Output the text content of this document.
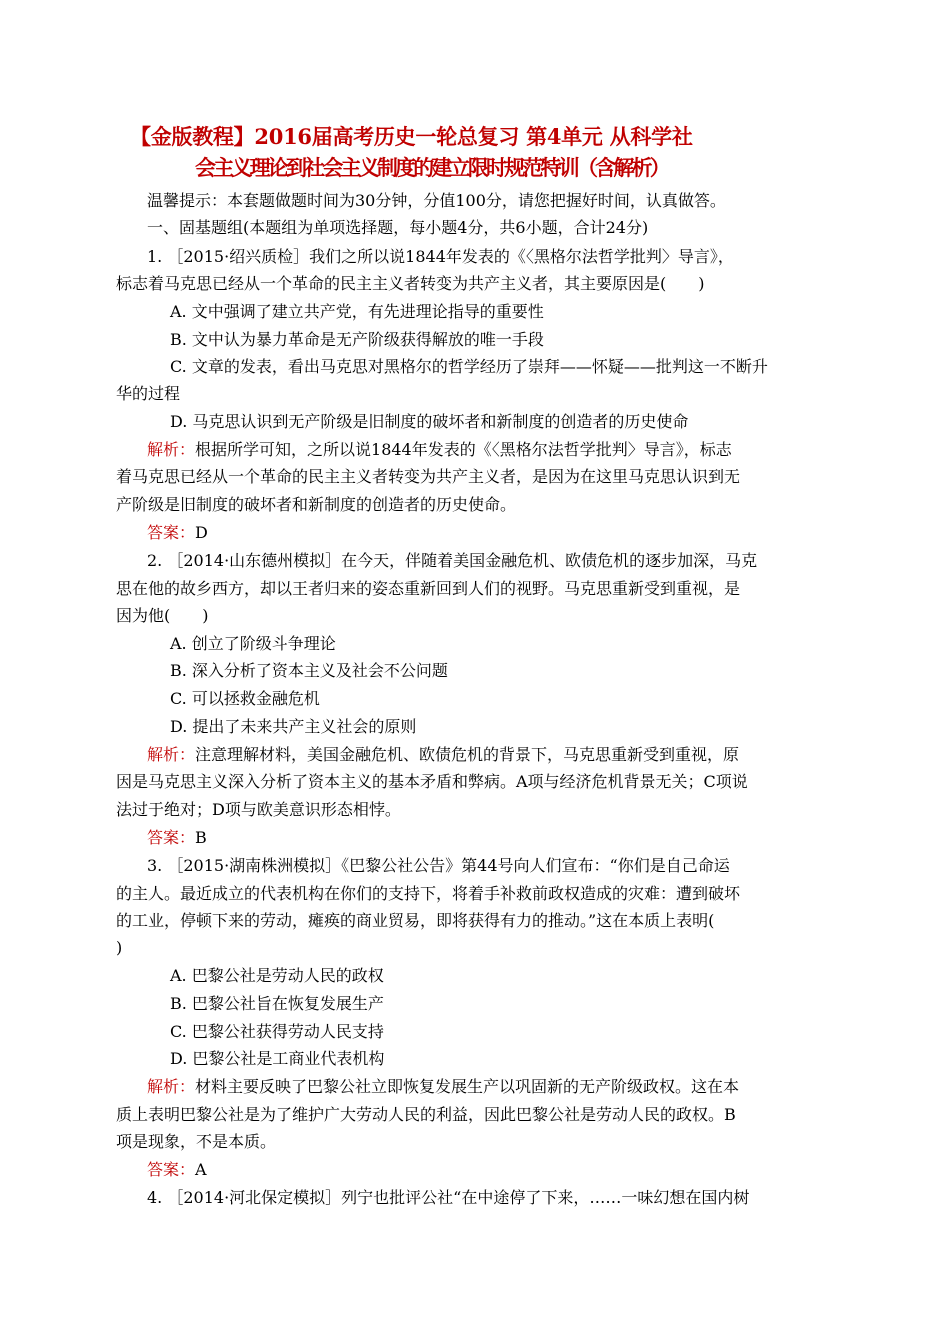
【金版教程】2016届高考历史一轮总复习 第4单元 从科学社
会主义理论到社会主义制度的建立限时规范特训（含解析）
温馨提示：本套题做题时间为30分钟，分值100分，请您把握好时间，认真做答。
一、固基题组(本题组为单项选择题，每小题4分，共6小题，合计24分)
1. ［2015·绍兴质检］我们之所以说1844年发表的《〈黑格尔法哲学批判〉导言》，
标志着马克思已经从一个革命的民主主义者转变为共产主义者，其主要原因是(　　)
A. 文中强调了建立共产党，有先进理论指导的重要性
B. 文中认为暴力革命是无产阶级获得解放的唯一手段
C. 文章的发表，看出马克思对黑格尔的哲学经历了崇拜——怀疑——批判这一不断升
华的过程
D. 马克思认识到无产阶级是旧制度的破坏者和新制度的创造者的历史使命
解析：根据所学可知，之所以说1844年发表的《〈黑格尔法哲学批判〉导言》，标志
着马克思已经从一个革命的民主主义者转变为共产主义者，是因为在这里马克思认识到无
产阶级是旧制度的破坏者和新制度的创造者的历史使命。
答案：D
2. ［2014·山东德州模拟］在今天，伴随着美国金融危机、欧债危机的逐步加深，马克
思在他的故乡西方，却以王者归来的姿态重新回到人们的视野。马克思重新受到重视，是
因为他(　　)
A. 创立了阶级斗争理论
B. 深入分析了资本主义及社会不公问题
C. 可以拯救金融危机
D. 提出了未来共产主义社会的原则
解析：注意理解材料，美国金融危机、欧债危机的背景下，马克思重新受到重视，原
因是马克思主义深入分析了资本主义的基本矛盾和弊病。A项与经济危机背景无关；C项说
法过于绝对；D项与欧美意识形态相悖。
答案：B
3. ［2015·湖南株洲模拟］《巴黎公社公告》第44号向人们宣布：“你们是自己命运
的主人。最近成立的代表机构在你们的支持下，将着手补救前政权造成的灾难：遭到破坏
的工业，停顿下来的劳动，瘫痪的商业贸易，即将获得有力的推动。”这在本质上表明(
)
A. 巴黎公社是劳动人民的政权
B. 巴黎公社旨在恢复发展生产
C. 巴黎公社获得劳动人民支持
D. 巴黎公社是工商业代表机构
解析：材料主要反映了巴黎公社立即恢复发展生产以巩固新的无产阶级政权。这在本
质上表明巴黎公社是为了维护广大劳动人民的利益，因此巴黎公社是劳动人民的政权。B
项是现象，不是本质。
答案：A
4. ［2014·河北保定模拟］列宁也批评公社“在中途停了下来，……一味幻想在国内树
